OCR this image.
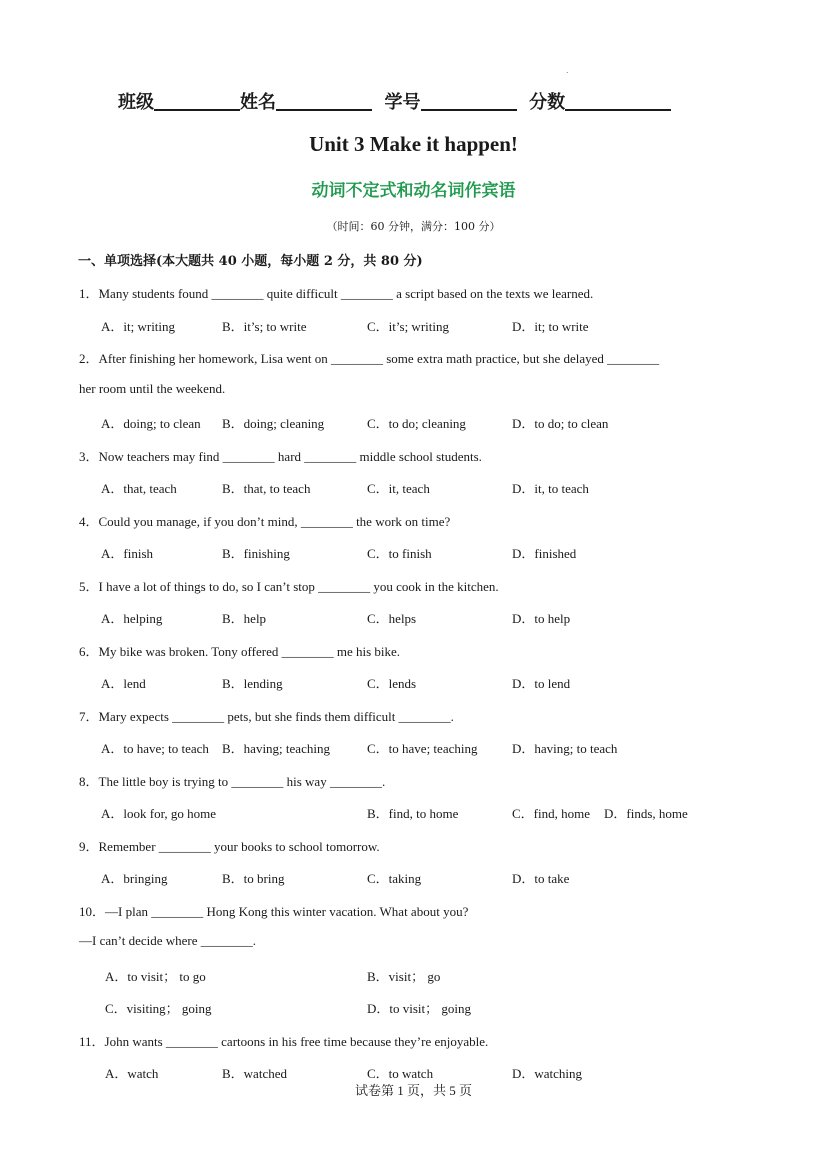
.
班级	姓名	学号	分数
Unit 3 Make it happen!
动词不定式和动名词作宾语
（时间：60 分钟，满分：100 分）
一、单项选择(本大题共 40 小题，每小题 2 分，共 80 分)
1．Many students found ________ quite difficult ________ a script based on the texts we learned.
A．it; writing	B．it’s; to write	C．it’s; writing	D．it; to write
2．After finishing her homework, Lisa went on ________ some extra math practice, but she delayed ________
her room until the weekend.
A．doing; to clean B．doing; cleaning	C．to do; cleaning	D．to do; to clean
3．Now teachers may find ________ hard ________ middle school students.
A．that, teach	B．that, to teach	C．it, teach	D．it, to teach
4．Could you manage, if you don’t mind, ________ the work on time?
A．finish	B．finishing	C．to finish	D．finished
5．I have a lot of things to do, so I can’t stop ________ you cook in the kitchen.
A．helping	B．help	C．helps	D．to help
6．My bike was broken. Tony offered ________ me his bike.
A．lend	B．lending	C．lends	D．to lend
7．Mary expects ________ pets, but she finds them difficult ________.
A．to have; to teach B．having; teaching	C．to have; teaching	D．having; to teach
8．The little boy is trying to ________ his way ________.
A．look for, go home	B．find, to home	C．find, home D．finds, home
9．Remember ________ your books to school tomorrow.
A．bringing	B．to bring	C．taking	D．to take
10．—I plan ________ Hong Kong this winter vacation. What about you?
—I can’t decide where ________.
A．to visit； to go	B．visit； go
C．visiting； going	D．to visit； going
11．John wants ________ cartoons in his free time because they’re enjoyable.
A．watch	B．watched	C．to watch	D．watching
试卷第 1 页，共 5 页
